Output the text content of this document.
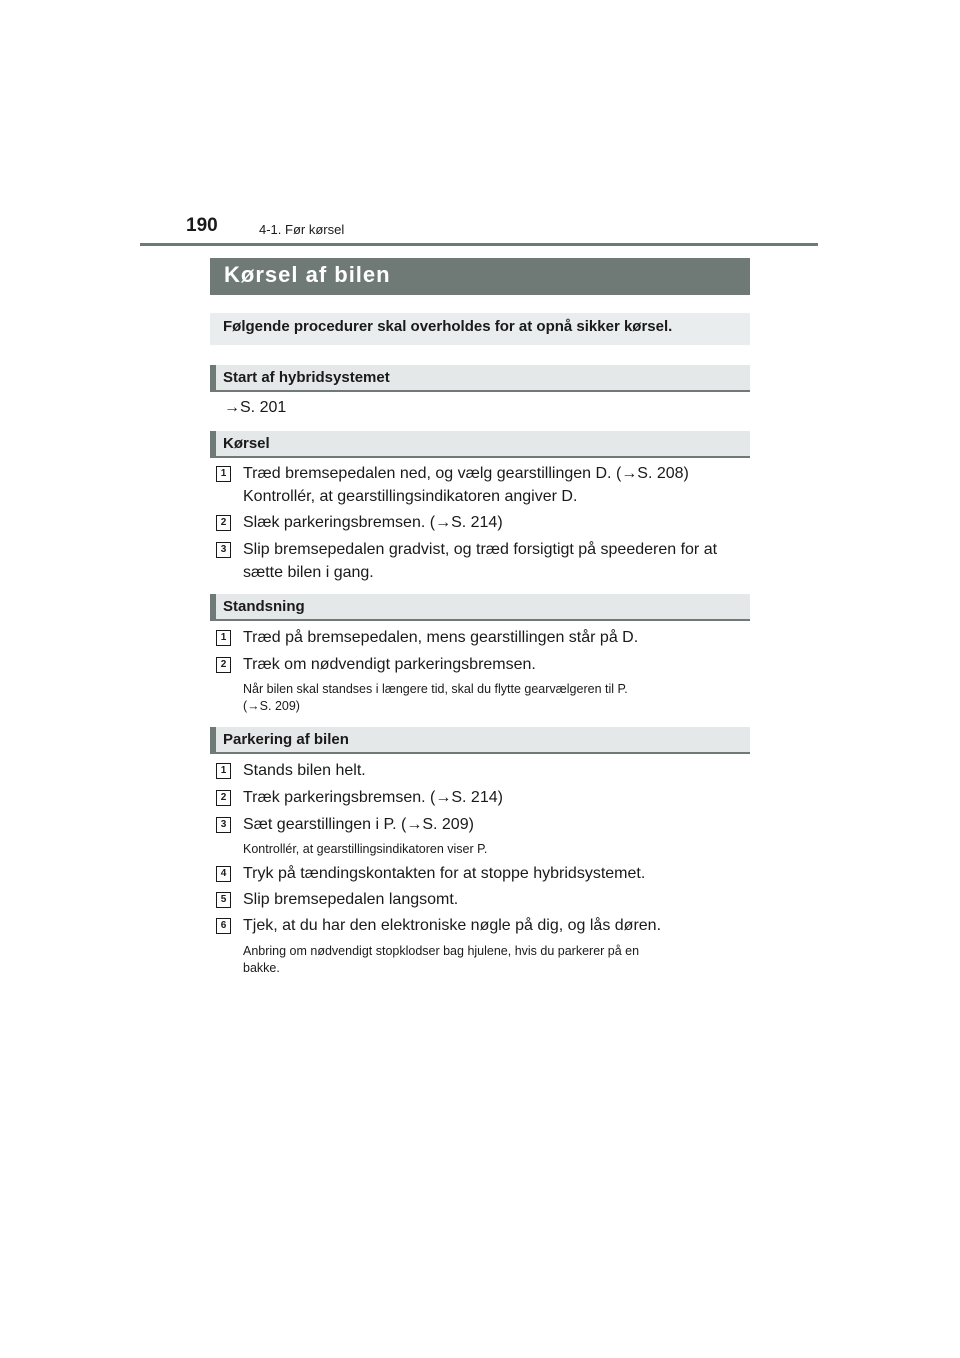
190	4-1. Før kørsel
Kørsel af bilen
Følgende procedurer skal overholdes for at opnå sikker kørsel.
Start af hybridsystemet
→S. 201
Kørsel
1 Træd bremsepedalen ned, og vælg gearstillingen D. (→S. 208)
Kontrollér, at gearstillingsindikatoren angiver D.
2 Slæk parkeringsbremsen. (→S. 214)
3 Slip bremsepedalen gradvist, og træd forsigtigt på speederen for at
sætte bilen i gang.
Standsning
1 Træd på bremsepedalen, mens gearstillingen står på D.
2 Træk om nødvendigt parkeringsbremsen.
Når bilen skal standses i længere tid, skal du flytte gearvælgeren til P.
(→S. 209)
Parkering af bilen
1 Stands bilen helt.
2 Træk parkeringsbremsen. (→S. 214)
3 Sæt gearstillingen i P. (→S. 209)
Kontrollér, at gearstillingsindikatoren viser P.
4 Tryk på tændingskontakten for at stoppe hybridsystemet.
5 Slip bremsepedalen langsomt.
6 Tjek, at du har den elektroniske nøgle på dig, og lås døren.
Anbring om nødvendigt stopklodser bag hjulene, hvis du parkerer på en
bakke.
